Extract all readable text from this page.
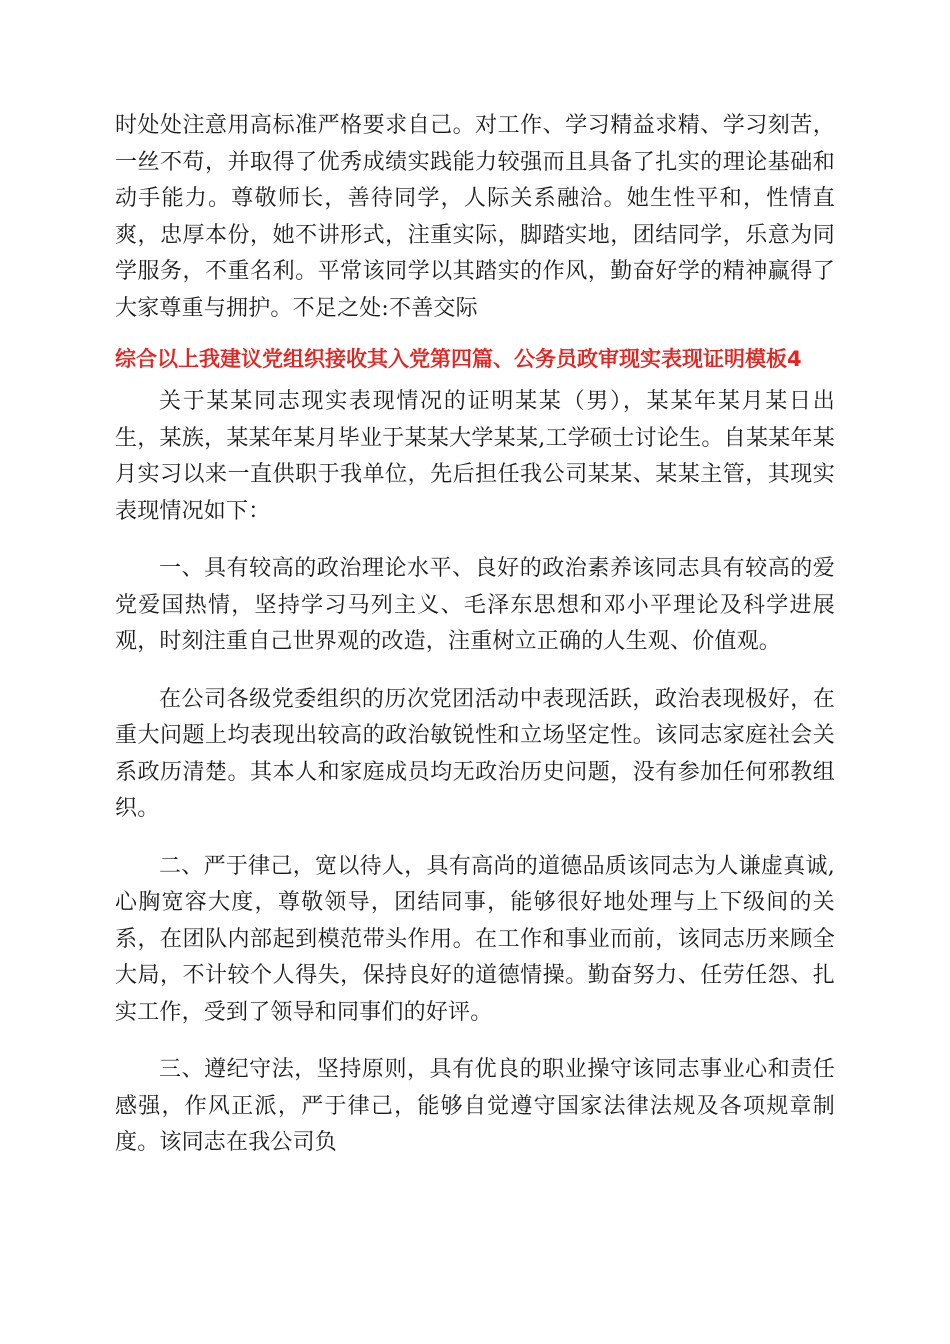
时处处注意用高标准严格要求自己。对工作、学习精益求精、学习刻苦，一丝不苟，并取得了优秀成绩实践能力较强而且具备了扎实的理论基础和动手能力。尊敬师长，善待同学，人际关系融洽。她生性平和，性情直爽，忠厚本份，她不讲形式，注重实际，脚踏实地，团结同学，乐意为同学服务，不重名利。平常该同学以其踏实的作风，勤奋好学的精神赢得了大家尊重与拥护。不足之处:不善交际

综合以上我建议党组织接收其入党第四篇、公务员政审现实表现证明模板4

关于某某同志现实表现情况的证明某某（男），某某年某月某日出生，某族，某某年某月毕业于某某大学某某,工学硕士讨论生。自某某年某月实习以来一直供职于我单位，先后担任我公司某某、某某主管，其现实表现情况如下：

一、具有较高的政治理论水平、良好的政治素养该同志具有较高的爱党爱国热情，坚持学习马列主义、毛泽东思想和邓小平理论及科学进展观，时刻注重自己世界观的改造，注重树立正确的人生观、价值观。

在公司各级党委组织的历次党团活动中表现活跃，政治表现极好，在重大问题上均表现出较高的政治敏锐性和立场坚定性。该同志家庭社会关系政历清楚。其本人和家庭成员均无政治历史问题，没有参加任何邪教组织。

二、严于律己，宽以待人，具有高尚的道德品质该同志为人谦虚真诚,心胸宽容大度，尊敬领导，团结同事，能够很好地处理与上下级间的关系，在团队内部起到模范带头作用。在工作和事业而前，该同志历来顾全大局，不计较个人得失，保持良好的道德情操。勤奋努力、任劳任怨、扎实工作，受到了领导和同事们的好评。

三、遵纪守法，坚持原则，具有优良的职业操守该同志事业心和责任感强，作风正派，严于律己，能够自觉遵守国家法律法规及各项规章制度。该同志在我公司负
